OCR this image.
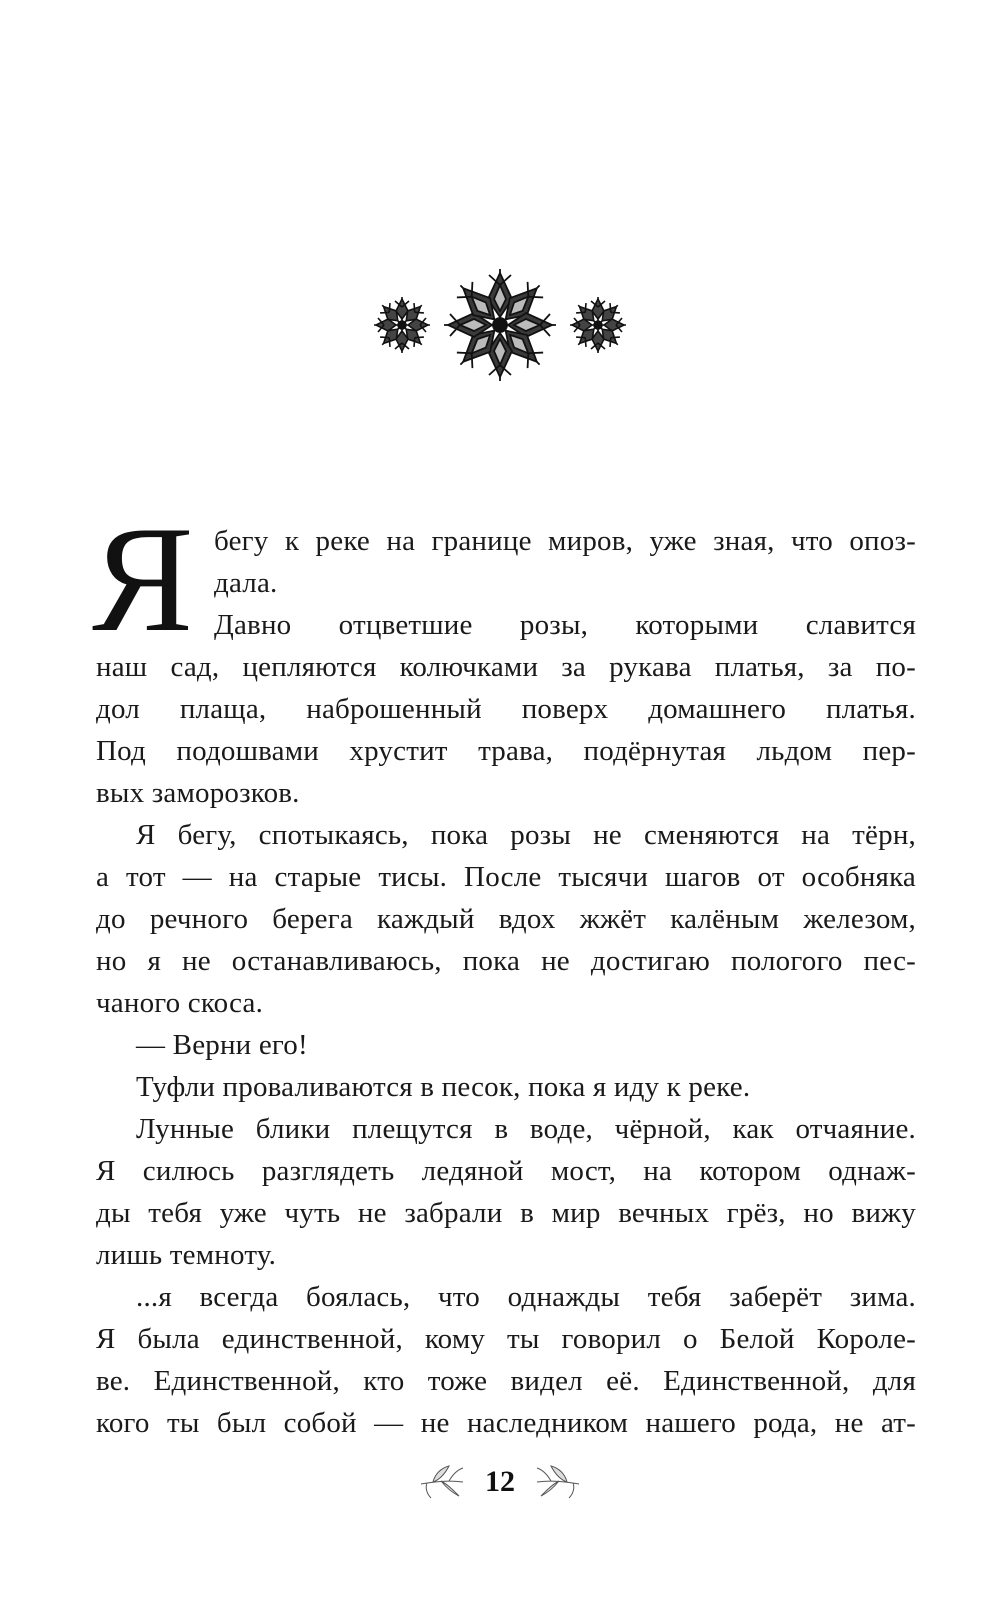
Я бегу к реке на границе миров, уже зная, что опоз-
дала.
Давно отцветшие розы, которыми славится
наш сад, цепляются колючками за рукава платья, за по-
дол плаща, наброшенный поверх домашнего платья.
Под подошвами хрустит трава, подёрнутая льдом пер-
вых заморозков.
Я бегу, спотыкаясь, пока розы не сменяются на тёрн,
а тот — на старые тисы. После тысячи шагов от особняка
до речного берега каждый вдох жжёт калёным железом,
но я не останавливаюсь, пока не достигаю пологого пес-
чаного скоса.
— Верни его!
Туфли проваливаются в песок, пока я иду к реке.
Лунные блики плещутся в воде, чёрной, как отчаяние.
Я силюсь разглядеть ледяной мост, на котором однаж-
ды тебя уже чуть не забрали в мир вечных грёз, но вижу
лишь темноту.
...я всегда боялась, что однажды тебя заберёт зима.
Я была единственной, кому ты говорил о Белой Короле-
ве. Единственной, кто тоже видел её. Единственной, для
кого ты был собой — не наследником нашего рода, не ат-
12
